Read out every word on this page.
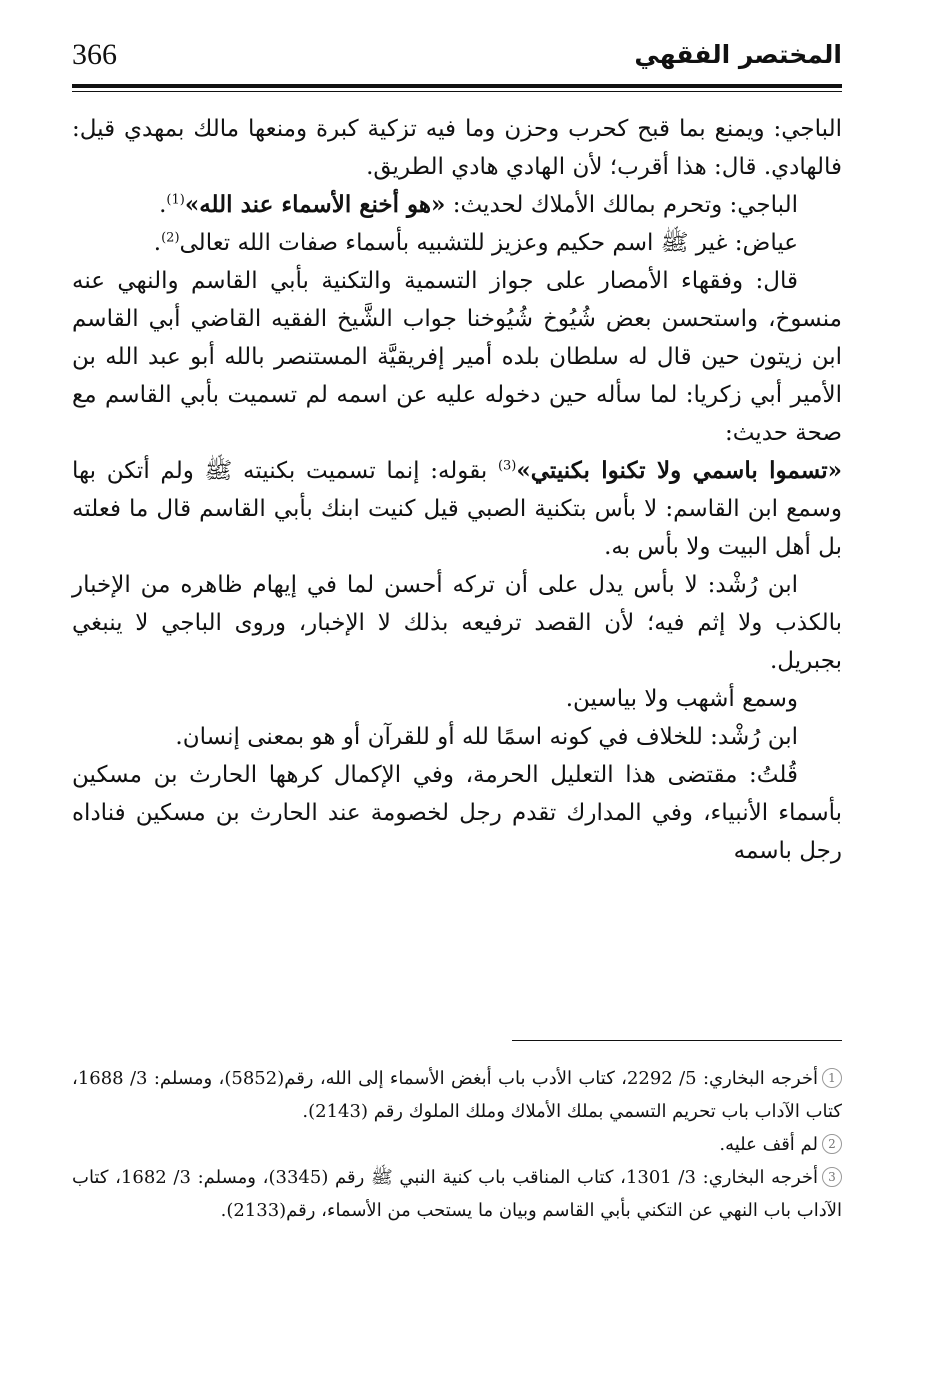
366	المختصر الفقهي

الباجي: ويمنع بما قبح كحرب وحزن وما فيه تزكية كبرة ومنعها مالك بمهدي قيل: فالهادي. قال: هذا أقرب؛ لأن الهادي هادي الطريق.

الباجي: وتحرم بمالك الأملاك لحديث: «هو أخنع الأسماء عند الله»$^{(1)}$.

عياض: غير ﷺ اسم حكيم وعزيز للتشبيه بأسماء صفات الله تعالى$^{(2)}$.

قال: وفقهاء الأمصار على جواز التسمية والتكنية بأبي القاسم والنهي عنه منسوخ، واستحسن بعض شُيُوخ شُيُوخنا جواب الشَّيخ الفقيه القاضي أبي القاسم ابن زيتون حين قال له سلطان بلده أمير إفريقيَّة المستنصر بالله أبو عبد الله بن الأمير أبي زكريا: لما سأله حين دخوله عليه عن اسمه لم تسميت بأبي القاسم مع صحة حديث:

«تسموا باسمي ولا تكنوا بكنيتي»$^{(3)}$ بقوله: إنما تسميت بكنيته ﷺ ولم أتكن بها وسمع ابن القاسم: لا بأس بتكنية الصبي قيل كنيت ابنك بأبي القاسم قال ما فعلته بل أهل البيت ولا بأس به.

ابن رُشْد: لا بأس يدل على أن تركه أحسن لما في إيهام ظاهره من الإخبار بالكذب ولا إثم فيه؛ لأن القصد ترفيعه بذلك لا الإخبار، وروى الباجي لا ينبغي بجبريل.

وسمع أشهب ولا بياسين.

ابن رُشْد: للخلاف في كونه اسمًا لله أو للقرآن أو هو بمعنى إنسان.

قُلتُ: مقتضى هذا التعليل الحرمة، وفي الإكمال كرهها الحارث بن مسكين بأسماء الأنبياء، وفي المدارك تقدم رجل لخصومة عند الحارث بن مسكين فناداه رجل باسمه

1أخرجه البخاري: 5/ 2292، كتاب الأدب باب أبغض الأسماء إلى الله، رقم(5852)، ومسلم: 3/ 1688، كتاب الآداب باب تحريم التسمي بملك الأملاك وملك الملوك رقم (2143).

2لم أقف عليه.

3أخرجه البخاري: 3/ 1301، كتاب المناقب باب كنية النبي ﷺ رقم (3345)، ومسلم: 3/ 1682، كتاب الآداب باب النهي عن التكني بأبي القاسم وبيان ما يستحب من الأسماء، رقم(2133).
